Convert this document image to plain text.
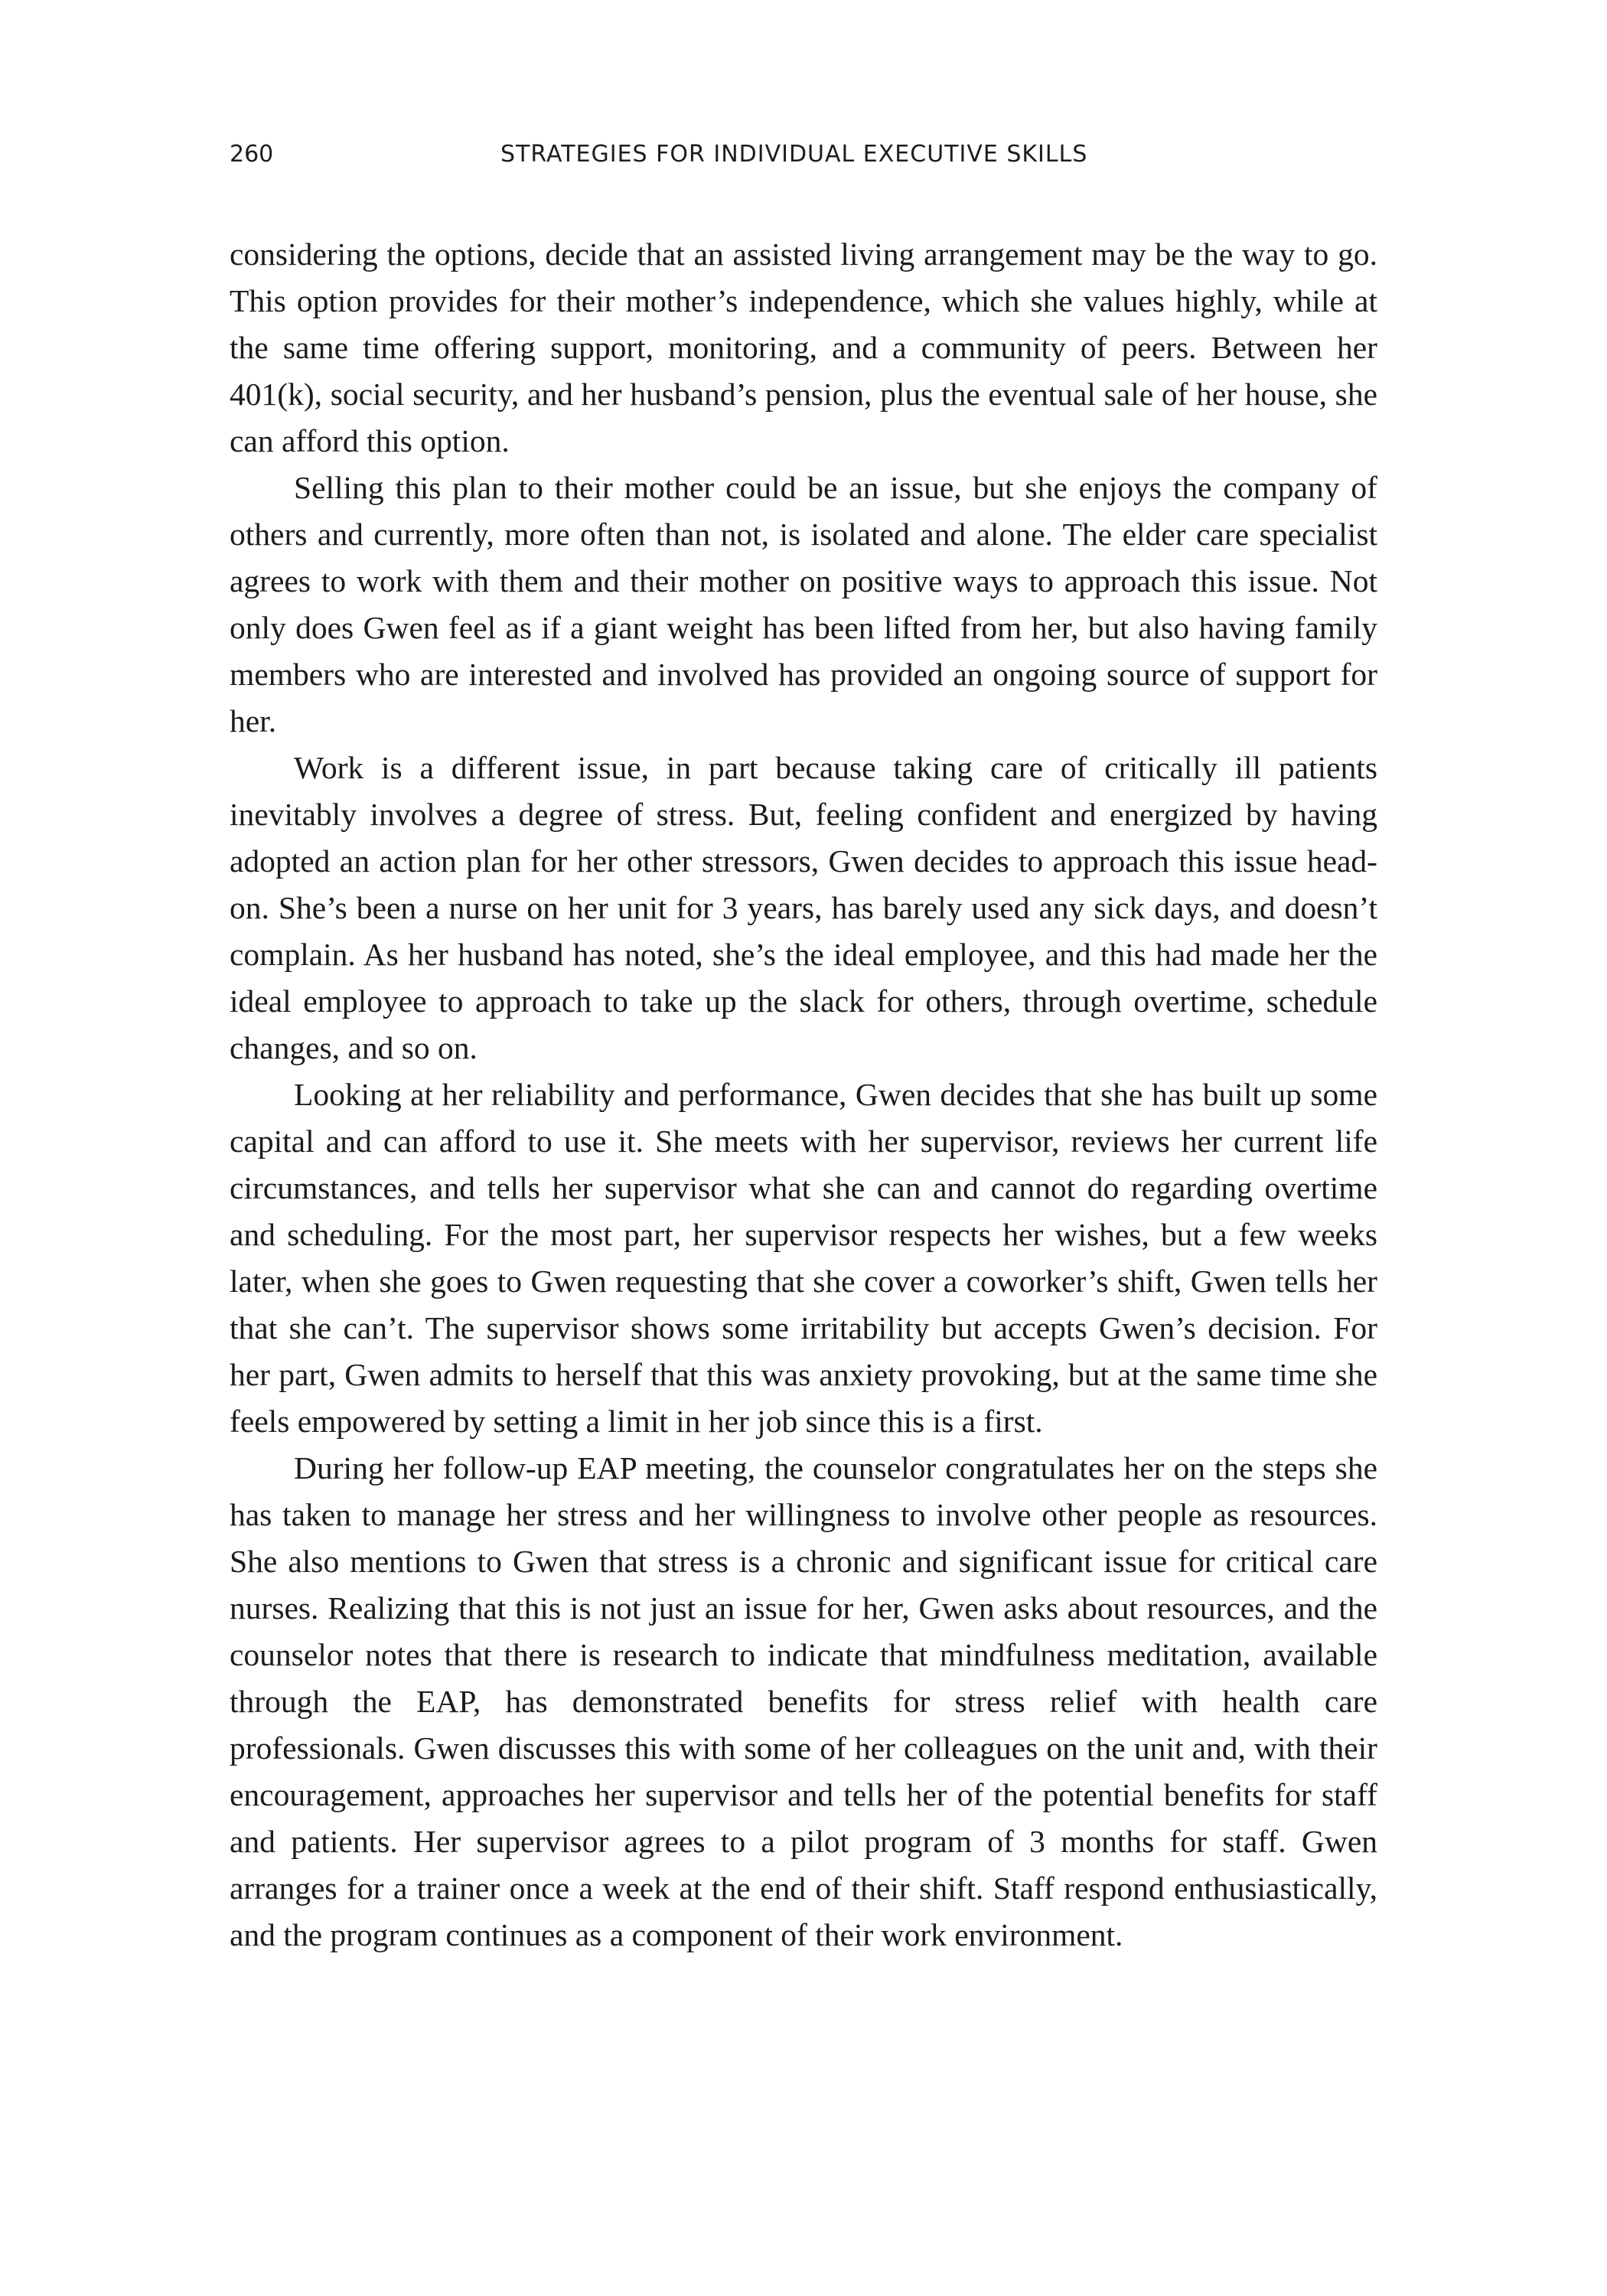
260	STRATEGIES FOR INDIVIDUAL EXECUTIVE SKILLS

considering the options, decide that an assisted living arrangement may be the way to go. This option provides for their mother’s independence, which she values highly, while at the same time offering support, monitoring, and a community of peers. Between her 401(k), social security, and her husband’s pension, plus the eventual sale of her house, she can afford this option.

Selling this plan to their mother could be an issue, but she enjoys the company of others and currently, more often than not, is isolated and alone. The elder care specialist agrees to work with them and their mother on positive ways to approach this issue. Not only does Gwen feel as if a giant weight has been lifted from her, but also having family members who are interested and involved has provided an ongoing source of support for her.

Work is a different issue, in part because taking care of critically ill patients inevitably involves a degree of stress. But, feeling confident and energized by having adopted an action plan for her other stressors, Gwen decides to approach this issue head-on. She’s been a nurse on her unit for 3 years, has barely used any sick days, and doesn’t complain. As her husband has noted, she’s the ideal employee, and this had made her the ideal employee to approach to take up the slack for others, through overtime, schedule changes, and so on.

Looking at her reliability and performance, Gwen decides that she has built up some capital and can afford to use it. She meets with her supervisor, reviews her current life circumstances, and tells her supervisor what she can and cannot do regarding overtime and scheduling. For the most part, her supervisor respects her wishes, but a few weeks later, when she goes to Gwen requesting that she cover a coworker’s shift, Gwen tells her that she can’t. The supervisor shows some irritability but accepts Gwen’s decision. For her part, Gwen admits to herself that this was anxiety provoking, but at the same time she feels empowered by setting a limit in her job since this is a first.

During her follow-up EAP meeting, the counselor congratulates her on the steps she has taken to manage her stress and her willingness to involve other people as resources. She also mentions to Gwen that stress is a chronic and significant issue for critical care nurses. Realizing that this is not just an issue for her, Gwen asks about resources, and the counselor notes that there is research to indicate that mindfulness meditation, available through the EAP, has demonstrated benefits for stress relief with health care professionals. Gwen discusses this with some of her colleagues on the unit and, with their encouragement, approaches her supervisor and tells her of the potential benefits for staff and patients. Her supervisor agrees to a pilot program of 3 months for staff. Gwen arranges for a trainer once a week at the end of their shift. Staff respond enthusiastically, and the program continues as a component of their work environment.
